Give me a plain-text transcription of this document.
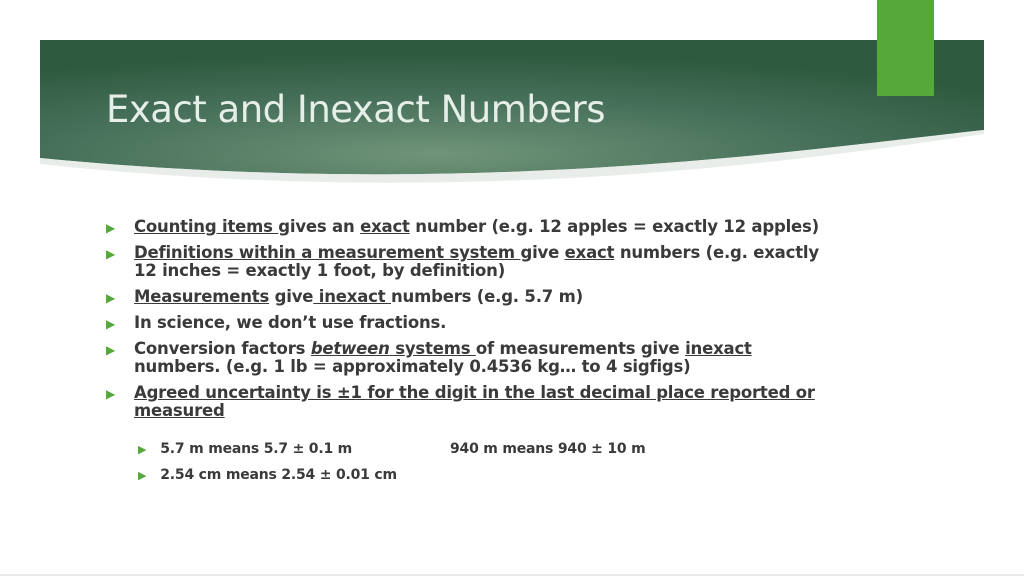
Exact and Inexact Numbers
▶ Counting items gives an exact number (e.g. 12 apples = exactly 12 apples)
▶ Definitions within a measurement system give exact numbers (e.g. exactly 12 inches = exactly 1 foot, by definition)
▶ Measurements give inexact numbers (e.g. 5.7 m)
▶ In science, we don’t use fractions.
▶ Conversion factors between systems of measurements give inexact numbers. (e.g. 1 lb = approximately 0.4536 kg… to 4 sigfigs)
▶ Agreed uncertainty is ±1 for the digit in the last decimal place reported or measured
▶ 5.7 m means 5.7 ± 0.1 m	940 m means 940 ± 10 m
▶ 2.54 cm means 2.54 ± 0.01 cm
